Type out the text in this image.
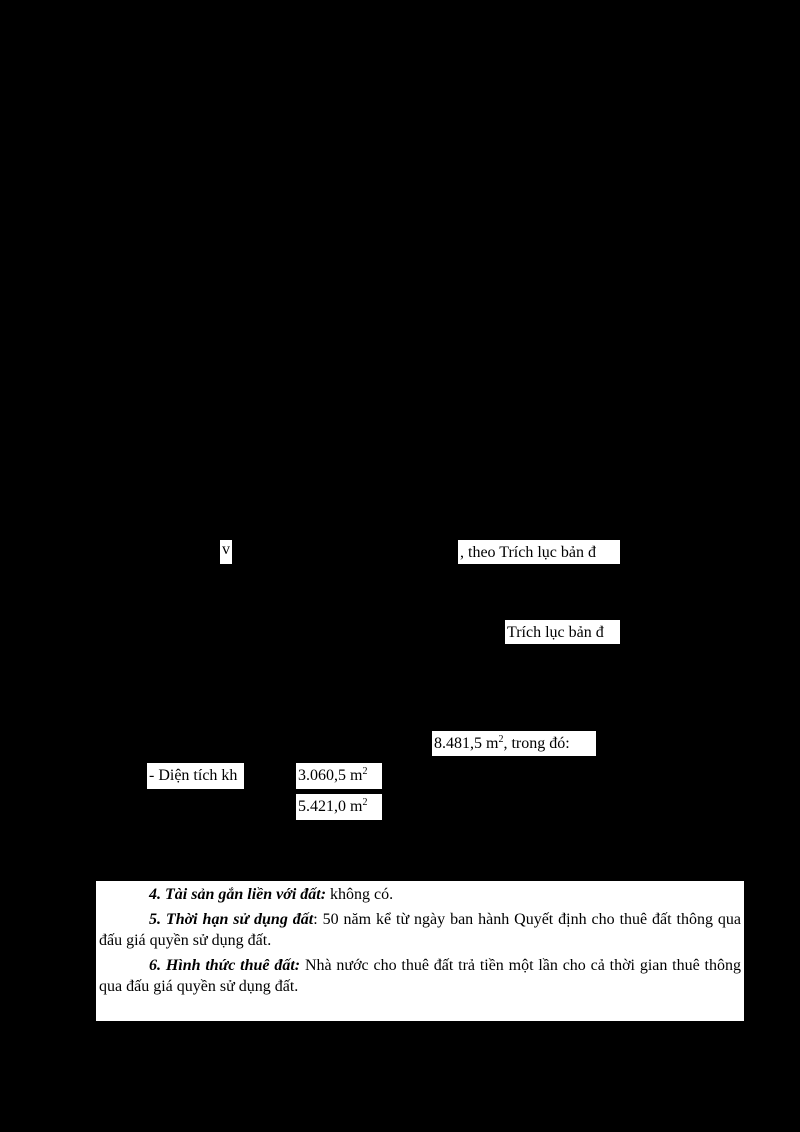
v	, theo Trích lục bản đ
Trích lục bản đ
8.481,5 $m^2$, trong đó:
- Diện tích kh	3.060,5 $m^2$
5.421,0 $m^2$

4. Tài sản gắn liền với đất: không có.

5. Thời hạn sử dụng đất: 50 năm kể từ ngày ban hành Quyết định cho thuê đất thông qua đấu giá quyền sử dụng đất.

6. Hình thức thuê đất: Nhà nước cho thuê đất trả tiền một lần cho cả thời gian thuê thông qua đấu giá quyền sử dụng đất.
